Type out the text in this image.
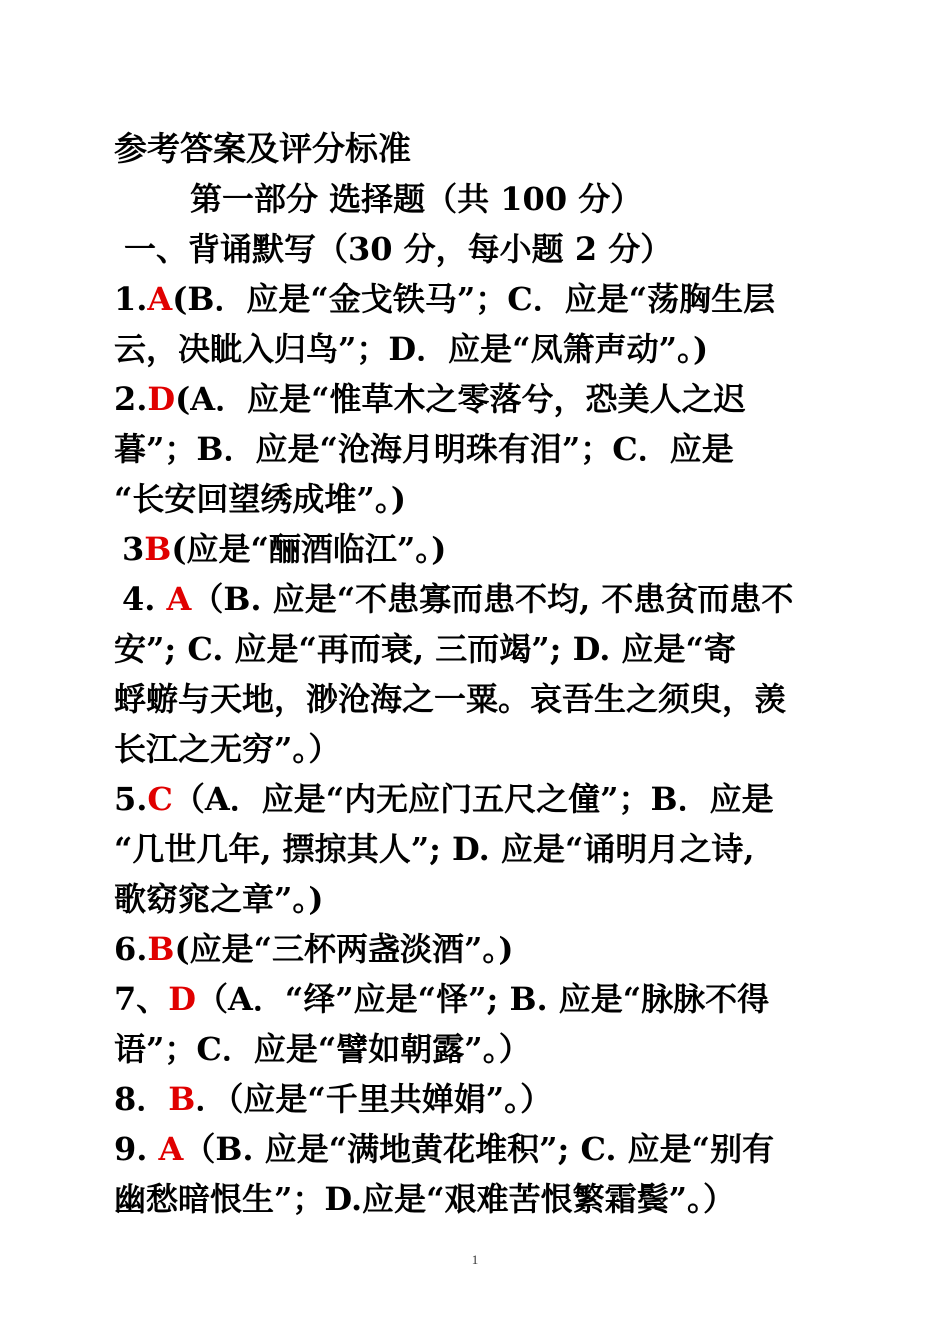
参考答案及评分标准
第一部分 选择题（共 100 分）
一、背诵默写（30 分，每小题 2 分）
1.A(B．应是“金戈铁马”；C．应是“荡胸生层
云，决眦入归鸟”；D．应是“凤箫声动”。)
2.D(A．应是“惟草木之零落兮，恐美人之迟
暮”；B．应是“沧海月明珠有泪”；C．应是
“长安回望绣成堆”。)
3B(应是“酾酒临江”。)
4. A（B. 应是“不患寡而患不均, 不患贫而患不
安”; C. 应是“再而衰, 三而竭”; D. 应是“寄
蜉蝣与天地，渺沧海之一粟。哀吾生之须臾，羡
长江之无穷”。）
5.C（A．应是“内无应门五尺之僮”；B．应是
“几世几年, 摽掠其人”; D. 应是“诵明月之诗,
歌窈窕之章”。)
6.B(应是“三杯两盏淡酒”。)
7、D（A．“绎”应是“怿”; B. 应是“脉脉不得
语”；C．应是“譬如朝露”。）
8．B．（应是“千里共婵娟”。）
9. A（B. 应是“满地黄花堆积”; C. 应是“别有
幽愁暗恨生”；D.应是“艰难苦恨繁霜鬓”。）
1
